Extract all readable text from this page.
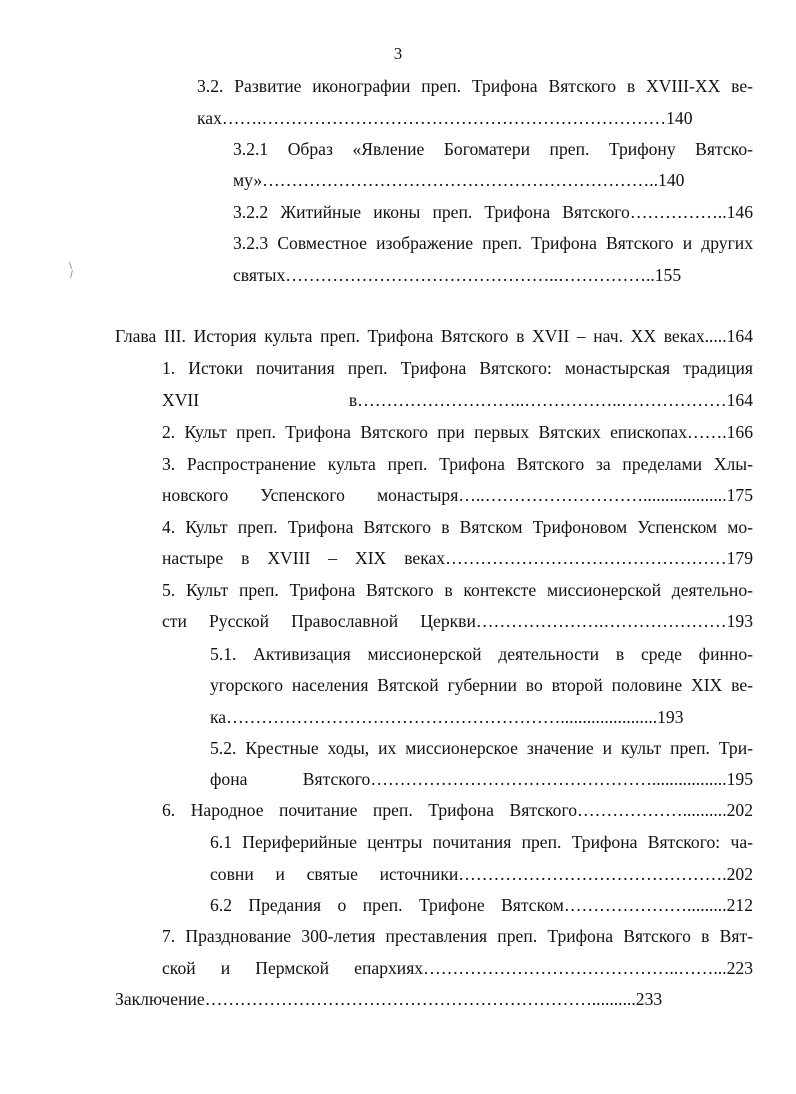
3
3.2. Развитие иконографии преп. Трифона Вятского в XVIII-ХХ ве-
ках…….……………………………………………………………140
3.2.1 Образ «Явление Богоматери преп. Трифону Вятско-
му»…………………………………………………………..140
3.2.2 Житийные иконы преп. Трифона Вятского……………..146
3.2.3 Совместное изображение преп. Трифона Вятского и других
святых………………………………………..……………..155
Глава III. История культа преп. Трифона Вятского в XVII – нач. XX веках.....164
1. Истоки почитания преп. Трифона Вятского: монастырская традиция
XVII в………………………..……………..………………164
2. Культ преп. Трифона Вятского при первых Вятских епископах…….166
3. Распространение культа преп. Трифона Вятского за пределами Хлы-
новского Успенского монастыря…..………………………...................175
4. Культ преп. Трифона Вятского в Вятском Трифоновом Успенском мо-
настыре в XVIII – XIX веках…………………………………………179
5. Культ преп. Трифона Вятского в контексте миссионерской деятельно-
сти Русской Православной Церкви………………….…………………193
5.1. Активизация миссионерской деятельности в среде финно-
угорского населения Вятской губернии во второй половине XIX ве-
ка…………………………………………………......................193
5.2. Крестные ходы, их миссионерское значение и культ преп. Три-
фона Вятского………………………………………….................195
6. Народное почитание преп. Трифона Вятского………………..........202
6.1 Периферийные центры почитания преп. Трифона Вятского: ча-
совни и святые источники……………………………………….202
6.2 Предания о преп. Трифоне Вятском………………….........212
7. Празднование 300-летия преставления преп. Трифона Вятского в Вят-
ской и Пермской епархиях……………………………………..……...223
Заключение…………………………………………………………..........233
